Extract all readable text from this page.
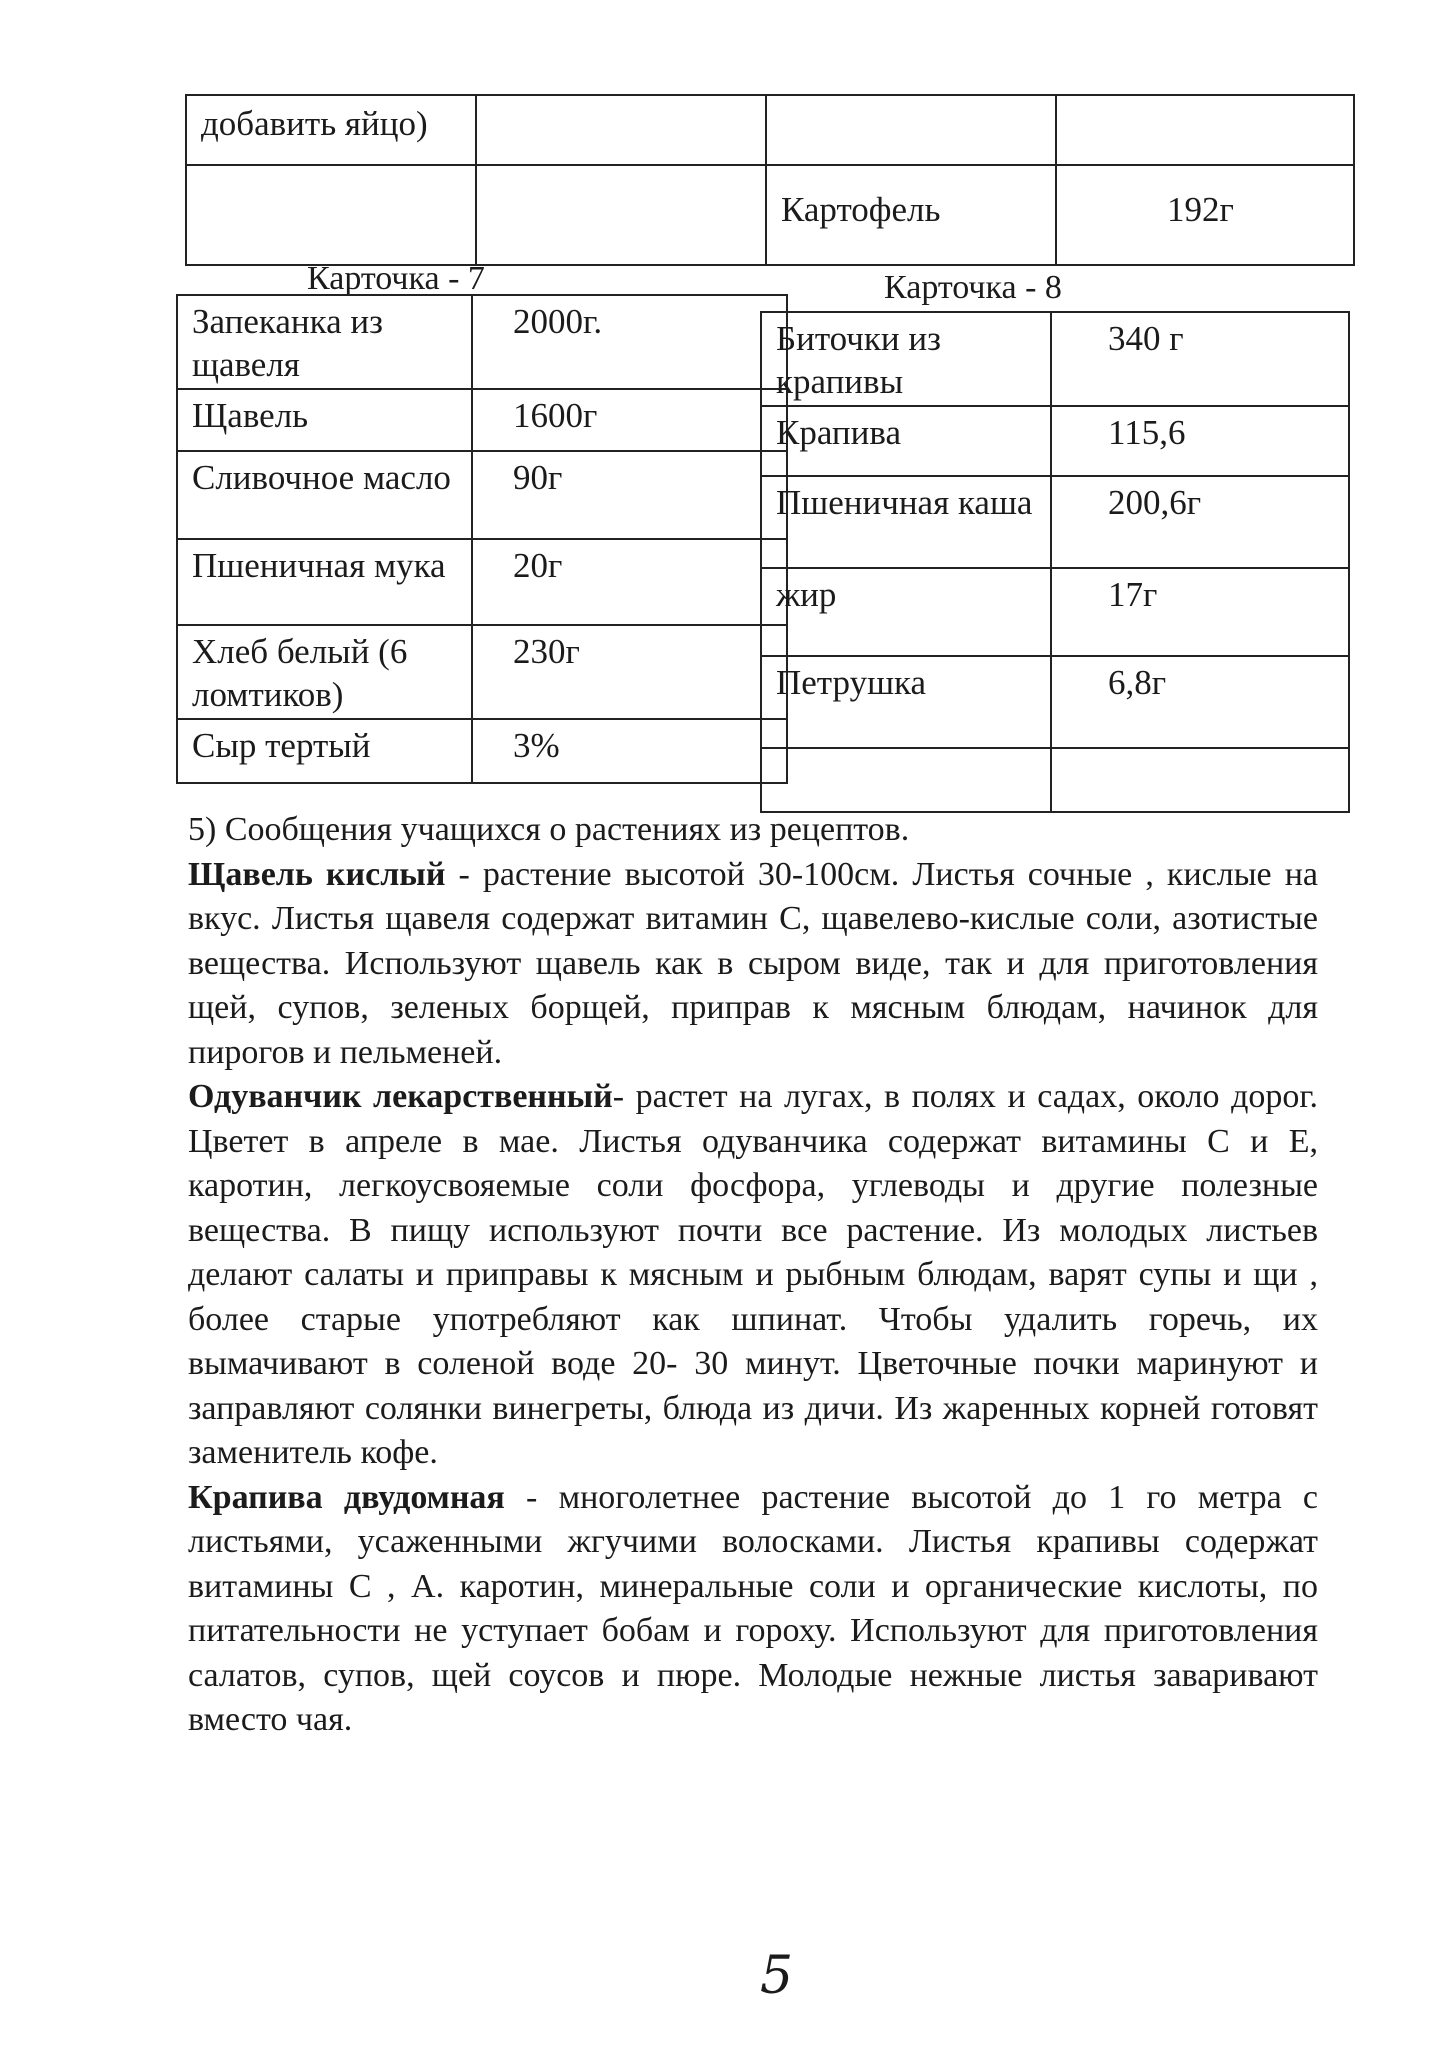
добавить яйцо)			
		Картофель	192г
Карточка - 7	Карточка - 8
Запеканка из щавеля	2000г.
Щавель	1600г
Сливочное масло	90г
Пшеничная мука	20г
Хлеб белый (6 ломтиков)	230г
Сыр тертый	3%
Биточки из крапивы	340 г
Крапива	115,6
Пшеничная каша	200,6г
жир	17г
Петрушка	6,8г

5) Сообщения учащихся о растениях из рецептов.

Щавель кислый - растение высотой 30-100см. Листья сочные , кислые на вкус. Листья щавеля содержат витамин С, щавелево-кислые соли, азотистые вещества. Используют щавель как в сыром виде, так и для приготовления щей, супов, зеленых борщей, приправ к мясным блюдам, начинок для пирогов и пельменей.

Одуванчик лекарственный- растет на лугах, в полях и садах, около дорог. Цветет в апреле в мае. Листья одуванчика содержат витамины С и Е, каротин, легкоусвояемые соли фосфора, углеводы и другие полезные вещества. В пищу используют почти все растение. Из молодых листьев делают салаты и приправы к мясным и рыбным блюдам, варят супы и щи , более старые употребляют как шпинат. Чтобы удалить горечь, их вымачивают в соленой воде 20- 30 минут. Цветочные почки маринуют и заправляют солянки винегреты, блюда из дичи. Из жаренных корней готовят заменитель кофе.

Крапива двудомная - многолетнее растение высотой до 1 го метра с листьями, усаженными жгучими волосками. Листья крапивы содержат витамины С , А. каротин, минеральные соли и органические кислоты, по питательности не уступает бобам и гороху. Используют для приготовления салатов, супов, щей соусов и пюре. Молодые нежные листья заваривают вместо чая.

5
